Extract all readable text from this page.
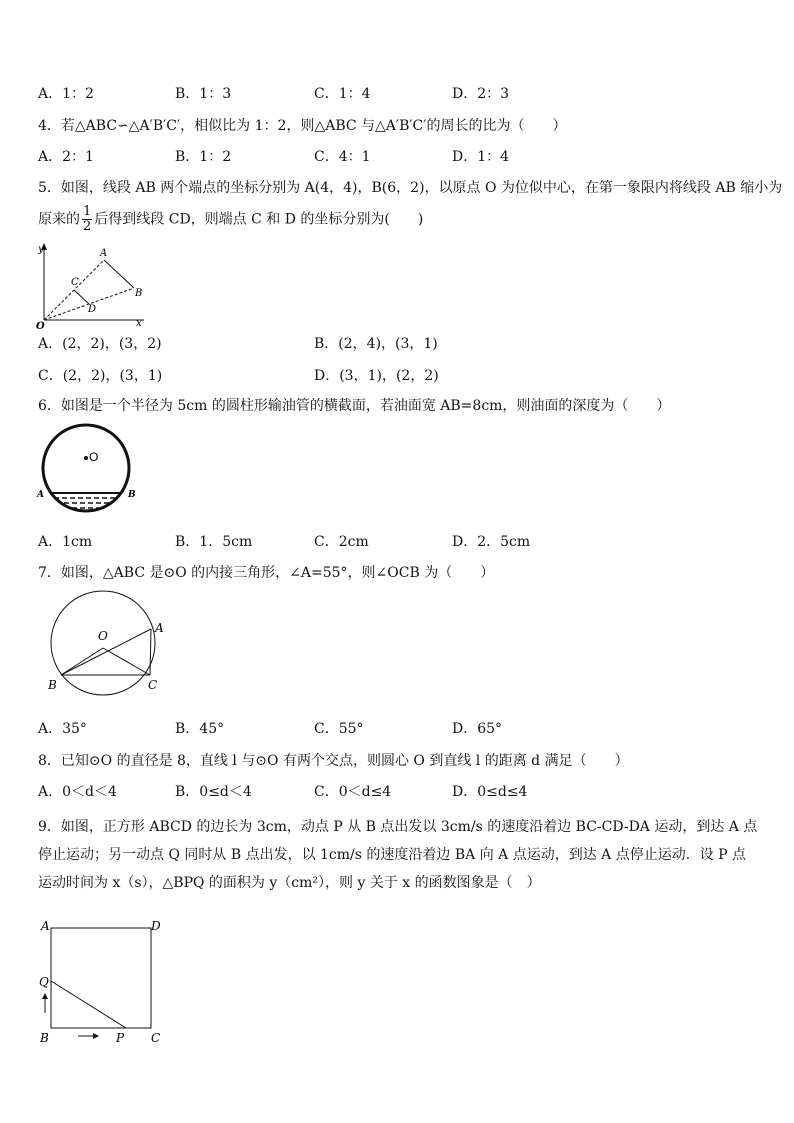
A．1：2	B．1：3	C．1：4	D．2：3
4．若△ABC∽△A′B′C′，相似比为 1：2，则△ABC 与△A′B′C′的周长的比为（　　）
A．2：1	B．1：2	C．4：1	D．1：4
5．如图，线段 AB 两个端点的坐标分别为 A(4，4)，B(6，2)，以原点 O 为位似中心，在第一象限内将线段 AB 缩小为
原来的 $\frac{1}{2}$ 后得到线段 CD，则端点 C 和 D 的坐标分别为(　　)
y
x
O
A
B
C
D
A．(2，2)，(3，2)	B．(2，4)，(3，1)
C．(2，2)，(3，1)	D．(3，1)，(2，2)
6．如图是一个半径为 5cm 的圆柱形输油管的横截面，若油面宽 AB=8cm，则油面的深度为（　　）
O
A	B
A．1cm	B．1．5cm	C．2cm	D．2．5cm
7．如图，△ABC 是⊙O 的内接三角形，∠A=55°，则∠OCB 为（　　）
O
A
B	C
A．35°	B．45°	C．55°	D．65°
8．已知⊙O 的直径是 8，直线 l 与⊙O 有两个交点，则圆心 O 到直线 l 的距离 d 满足（　　）
A．0＜d＜4	B．0≤d＜4	C．0＜d≤4	D．0≤d≤4
9．如图，正方形 ABCD 的边长为 3cm，动点 P 从 B 点出发以 3cm/s 的速度沿着边 BC-CD-DA 运动，到达 A 点停止运动；另一动点 Q 同时从 B 点出发，以 1cm/s 的速度沿着边 BA 向 A 点运动，到达 A 点停止运动．设 P 点运动时间为 x（s），△BPQ 的面积为 y（cm²），则 y 关于 x 的函数图象是（　）
A	D
B	C
Q
P
